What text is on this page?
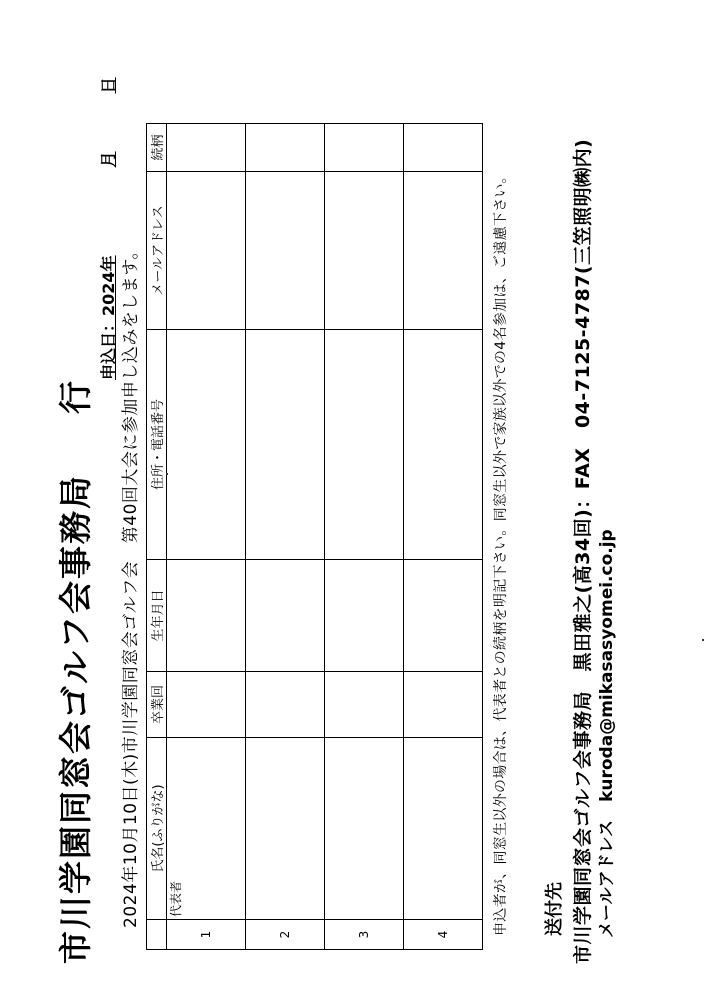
市川学園同窓会ゴルフ会事務局
行
申込日：2024年月日
2024年10月10日(木)市川学園同窓会ゴルフ会　第40回大会に参加申し込みをします。
	氏名(ふりがな)	卒業回	生年月日	住所・電話番号	メールアドレス	続柄
1	代表者					
2						
3						
4							申込者が、同窓生以外の場合は、代表者との続柄を明記下さい。同窓生以外で家族以外での4名参加は、ご遠慮下さい。 送付先 市川学園同窓会ゴルフ会事務局　黒田雅之(高34回)：FAX　04-7125-4787(三笠照明㈱内) メールアドレス kuroda@mikasasyomei.co.jp
